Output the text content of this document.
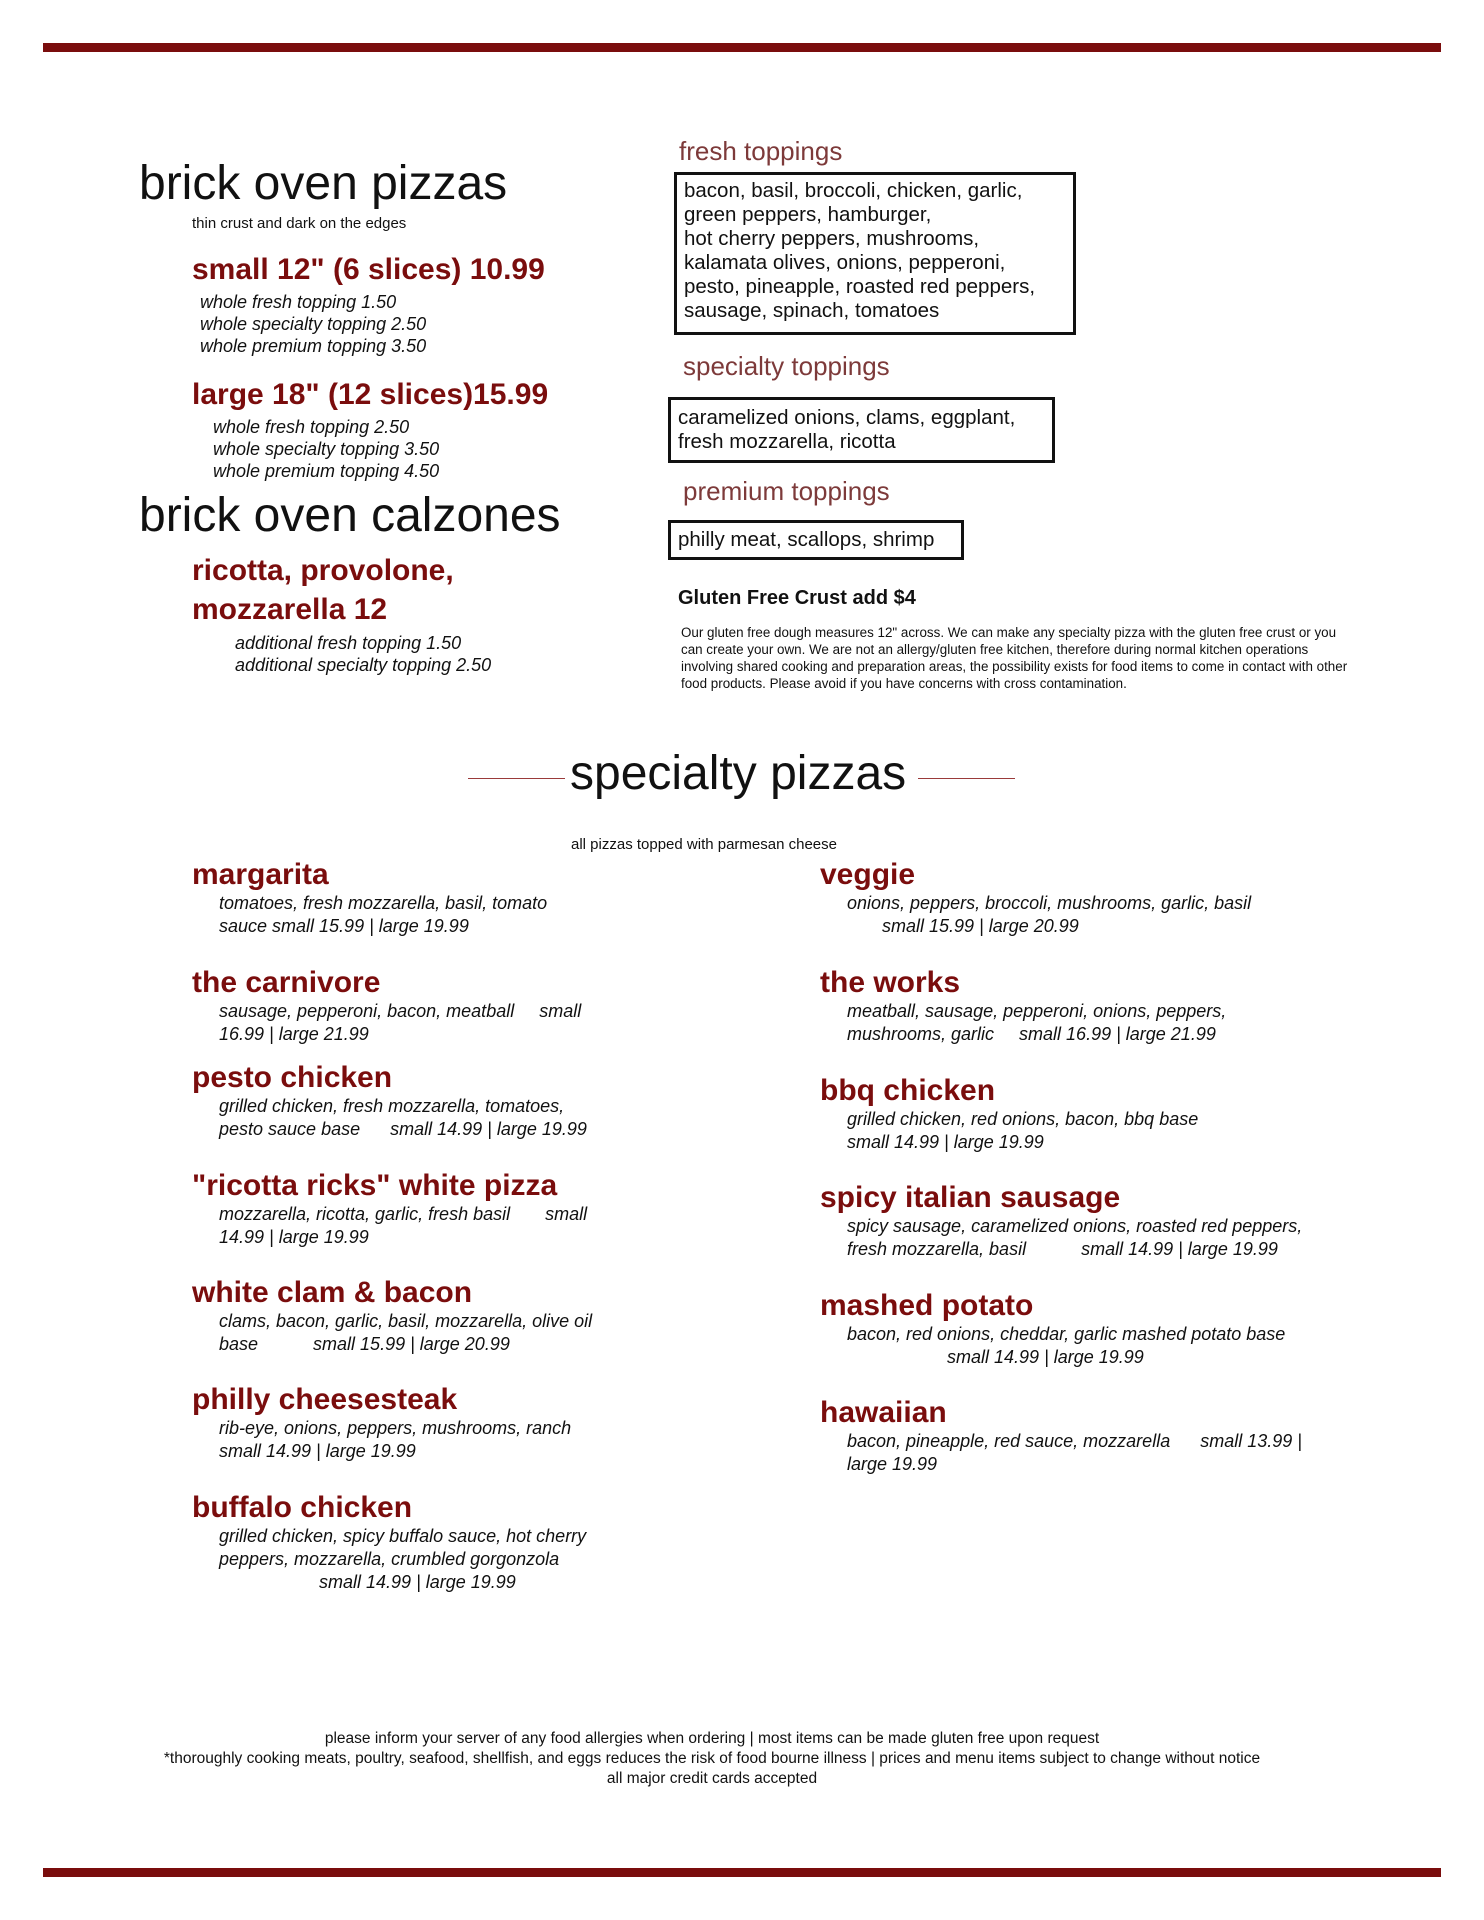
brick oven pizzas
thin crust and dark on the edges
small 12" (6 slices) 10.99
whole fresh topping 1.50
whole specialty topping 2.50
whole premium topping 3.50
large 18" (12 slices)15.99
whole fresh topping 2.50
whole specialty topping 3.50
whole premium topping 4.50
brick oven calzones
ricotta, provolone,
mozzarella 12
additional fresh topping 1.50
additional specialty topping 2.50
fresh toppings
bacon, basil, broccoli, chicken, garlic,
green peppers, hamburger,
hot cherry peppers, mushrooms,
kalamata olives, onions, pepperoni,
pesto, pineapple, roasted red peppers,
sausage, spinach, tomatoes
specialty toppings
caramelized onions, clams, eggplant,
fresh mozzarella, ricotta
premium toppings
philly meat, scallops, shrimp
Gluten Free Crust add $4
Our gluten free dough measures 12" across. We can make any specialty pizza with the gluten free crust or you can create your own. We are not an allergy/gluten free kitchen, therefore during normal kitchen operations involving shared cooking and preparation areas, the possibility exists for food items to come in contact with other food products. Please avoid if you have concerns with cross contamination.
specialty pizzas
all pizzas topped with parmesan cheese
margarita
tomatoes, fresh mozzarella, basil, tomato
sauce small 15.99 | large 19.99
the carnivore
sausage, pepperoni, bacon, meatball     small
16.99 | large 21.99
pesto chicken
grilled chicken, fresh mozzarella, tomatoes,
pesto sauce base      small 14.99 | large 19.99
"ricotta ricks" white pizza
mozzarella, ricotta, garlic, fresh basil       small
14.99 | large 19.99
white clam & bacon
clams, bacon, garlic, basil, mozzarella, olive oil
base           small 15.99 | large 20.99
philly cheesesteak
rib-eye, onions, peppers, mushrooms, ranch
small 14.99 | large 19.99
buffalo chicken
grilled chicken, spicy buffalo sauce, hot cherry
peppers, mozzarella, crumbled gorgonzola
small 14.99 | large 19.99
veggie
onions, peppers, broccoli, mushrooms, garlic, basil
small 15.99 | large 20.99
the works
meatball, sausage, pepperoni, onions, peppers,
mushrooms, garlic     small 16.99 | large 21.99
bbq chicken
grilled chicken, red onions, bacon, bbq base
small 14.99 | large 19.99
spicy italian sausage
spicy sausage, caramelized onions, roasted red peppers,
fresh mozzarella, basil           small 14.99 | large 19.99
mashed potato
bacon, red onions, cheddar, garlic mashed potato base
small 14.99 | large 19.99
hawaiian
bacon, pineapple, red sauce, mozzarella      small 13.99 |
large 19.99
please inform your server of any food allergies when ordering | most items can be made gluten free upon request
*thoroughly cooking meats, poultry, seafood, shellfish, and eggs reduces the risk of food bourne illness | prices and menu items subject to change without notice
all major credit cards accepted
